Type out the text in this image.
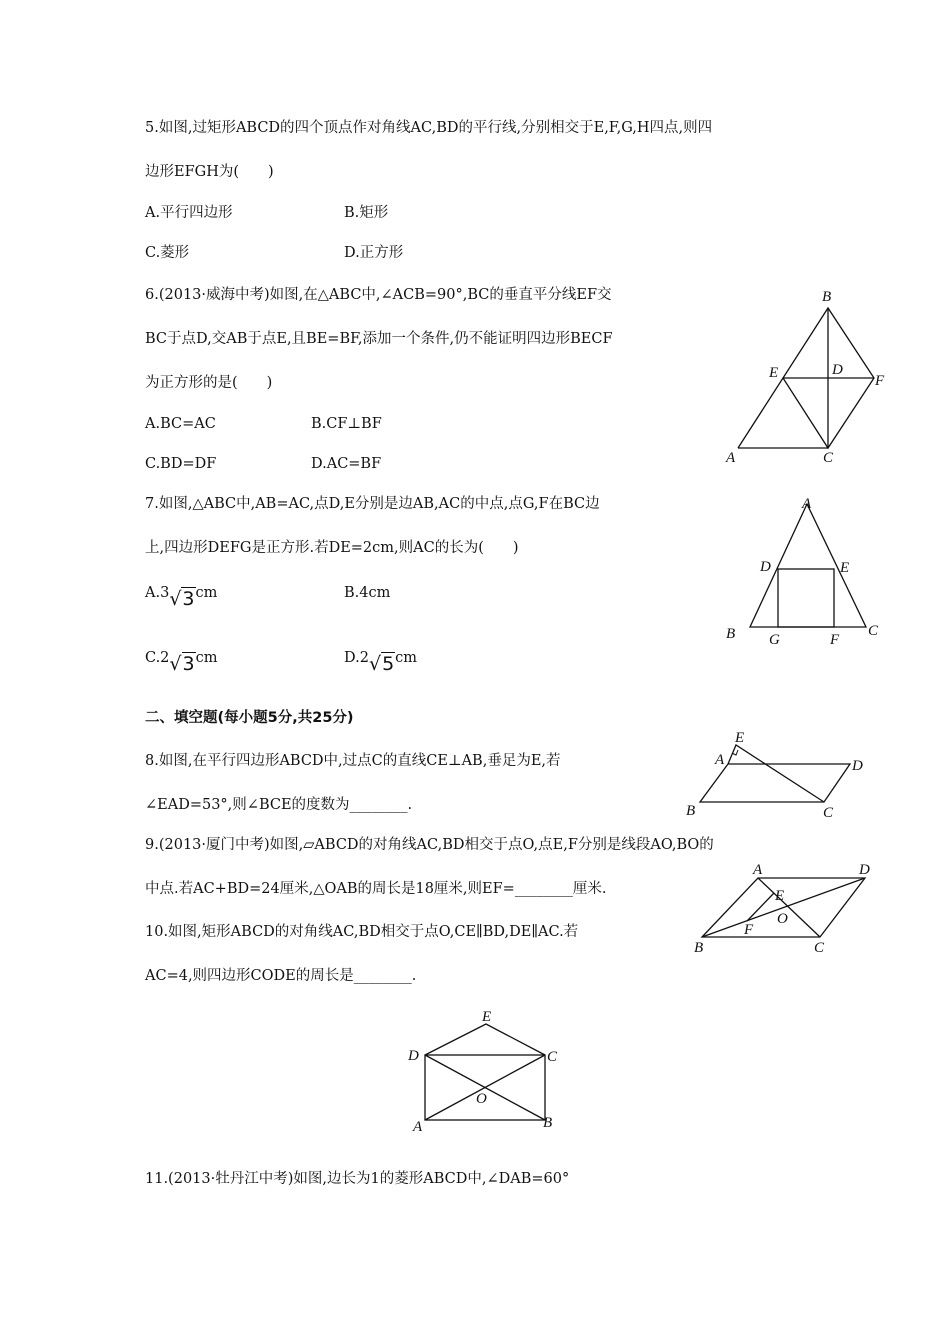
5.如图,过矩形ABCD的四个顶点作对角线AC,BD的平行线,分别相交于E,F,G,H四点,则四
边形EFGH为(　　)
A.平行四边形	B.矩形
C.菱形	D.正方形
6.(2013·威海中考)如图,在△ABC中,∠ACB=90°,BC的垂直平分线EF交
BC于点D,交AB于点E,且BE=BF,添加一个条件,仍不能证明四边形BECF
为正方形的是(　　)
A.BC=AC	B.CF⊥BF
C.BD=DF	D.AC=BF
B
E	D
F
A	C
7.如图,△ABC中,AB=AC,点D,E分别是边AB,AC的中点,点G,F在BC边
上,四边形DEFG是正方形.若DE=2cm,则AC的长为(　　)
A.3√3cm	B.4cm
C.2√3cm	D.2√5cm
A
D	E
B G	F
C
二、填空题(每小题5分,共25分)
8.如图,在平行四边形ABCD中,过点C的直线CE⊥AB,垂足为E,若
∠EAD=53°,则∠BCE的度数为________.
E
A	D
B	C
9.(2013·厦门中考)如图,▱ABCD的对角线AC,BD相交于点O,点E,F分别是线段AO,BO的
中点.若AC+BD=24厘米,△OAB的周长是18厘米,则EF=________厘米.
A	D
E
O
F
B	C
10.如图,矩形ABCD的对角线AC,BD相交于点O,CE∥BD,DE∥AC.若
AC=4,则四边形CODE的周长是________.
E
D	C
O
A	B
11.(2013·牡丹江中考)如图,边长为1的菱形ABCD中,∠DAB=60°
